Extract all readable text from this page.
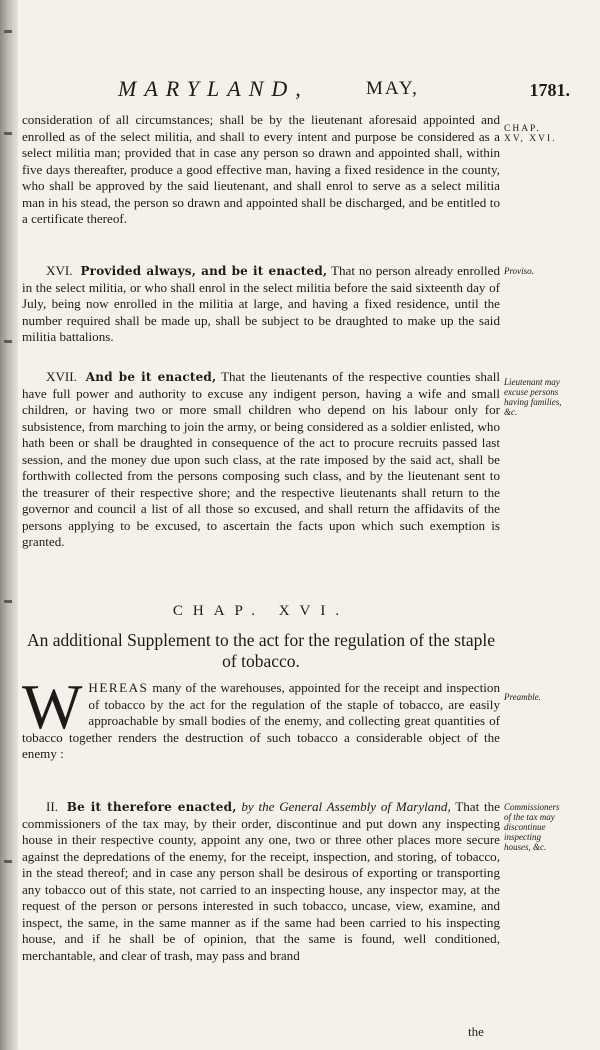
MARYLAND,	MAY,	1781.

consideration of all circumstances; shall be by the lieutenant aforesaid appointed and enrolled as of the select militia, and shall to every intent and purpose be considered as a select militia man; provided that in case any person so drawn and appointed shall, within five days thereafter, produce a good effective man, having a fixed residence in the county, who shall be approved by the said lieutenant, and shall enrol to serve as a select militia man in his stead, the person so drawn and appointed shall be discharged, and be entitled to a certificate thereof.

CHAP. XV, XVI.

XVI. Provided always, and be it enacted, That no person already enrolled in the select militia, or who shall enrol in the select militia before the said sixteenth day of July, being now enrolled in the militia at large, and having a fixed residence, until the number required shall be made up, shall be subject to be draughted to make up the said militia battalions.

Proviso.

XVII. And be it enacted, That the lieutenants of the respective counties shall have full power and authority to excuse any indigent person, having a wife and small children, or having two or more small children who depend on his labour only for subsistence, from marching to join the army, or being considered as a soldier enlisted, who hath been or shall be draughted in consequence of the act to procure recruits passed last session, and the money due upon such class, at the rate imposed by the said act, shall be forthwith collected from the persons composing such class, and by the lieutenant sent to the treasurer of their respective shore; and the respective lieutenants shall return to the governor and council a list of all those so excused, and shall return the affidavits of the persons applying to be excused, to ascertain the facts upon which such exemption is granted.

Lieutenant may excuse persons having families, &c.
CHAP. XVI.
An additional Supplement to the act for the regulation of the staple of tobacco.

W HEREAS many of the warehouses, appointed for the receipt and inspection of tobacco by the act for the regulation of the staple of tobacco, are easily approachable by small bodies of the enemy, and collecting great quantities of tobacco together renders the destruction of such tobacco a considerable object of the enemy :

Preamble.

II. Be it therefore enacted, by the General Assembly of Maryland, That the commissioners of the tax may, by their order, discontinue and put down any inspecting house in their respective county, appoint any one, two or three other places more secure against the depredations of the enemy, for the receipt, inspection, and storing, of tobacco, in the stead thereof; and in case any person shall be desirous of exporting or transporting any tobacco out of this state, not carried to an inspecting house, any inspector may, at the request of the person or persons interested in such tobacco, uncase, view, examine, and inspect, the same, in the same manner as if the same had been carried to his inspecting house, and if he shall be of opinion, that the same is found, well conditioned, merchantable, and clear of trash, may pass and brand

Commissioners of the tax may discontinue inspecting houses, &c.
the
